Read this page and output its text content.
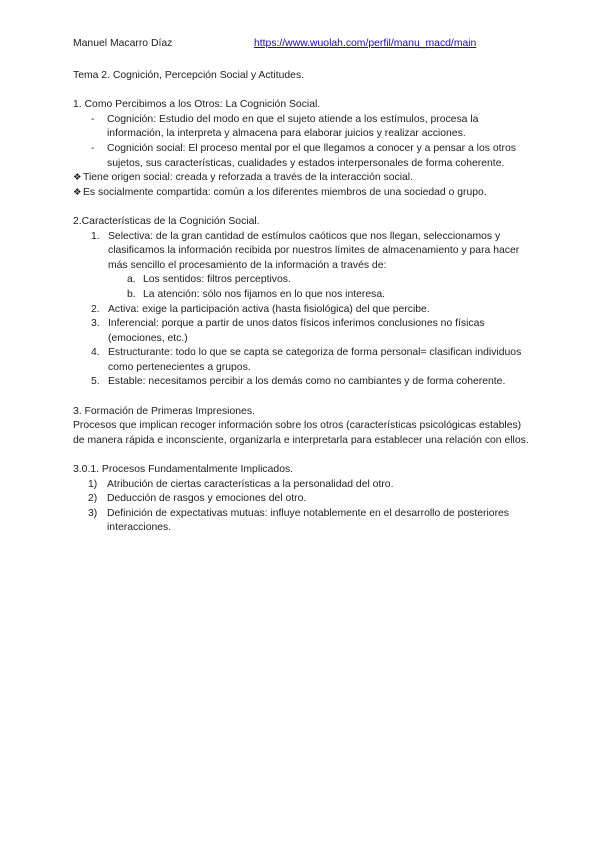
Manuel Macarro Díaz	https://www.wuolah.com/perfil/manu_macd/main

Tema 2. Cognición, Percepción Social y Actitudes.

1. Como Percibimos a los Otros: La Cognición Social.

- Cognición: Estudio del modo en que el sujeto atiende a los estímulos, procesa la información, la interpreta y almacena para elaborar juicios y realizar acciones.
- Cognición social: El proceso mental por el que llegamos a conocer y a pensar a los otros sujetos, sus características, cualidades y estados interpersonales de forma coherente.
❖ Tiene origen social: creada y reforzada a través de la interacción social.
❖ Es socialmente compartida: común a los diferentes miembros de una sociedad o grupo.

2.Características de la Cognición Social.

1. Selectiva: de la gran cantidad de estímulos caóticos que nos llegan, seleccionamos y clasificamos la información recibida por nuestros límites de almacenamiento y para hacer más sencillo el procesamiento de la información a través de:
a. Los sentidos: filtros perceptivos.
b. La atención: sólo nos fijamos en lo que nos interesa.
2. Activa: exige la participación activa (hasta fisiológica) del que percibe.
3. Inferencial: porque a partir de unos datos físicos inferimos conclusiones no físicas (emociones, etc.)
4. Estructurante: todo lo que se capta se categoriza de forma personal= clasifican individuos como pertenecientes a grupos.
5. Estable: necesitamos percibir a los demás como no cambiantes y de forma coherente.

3. Formación de Primeras Impresiones.

Procesos que implican recoger información sobre los otros (características psicológicas estables) de manera rápida e inconsciente, organizarla e interpretarla para establecer una relación con ellos.

3.0.1. Procesos Fundamentalmente Implicados.

1) Atribución de ciertas características a la personalidad del otro.
2) Deducción de rasgos y emociones del otro.
3) Definición de expectativas mutuas: influye notablemente en el desarrollo de posteriores interacciones.
